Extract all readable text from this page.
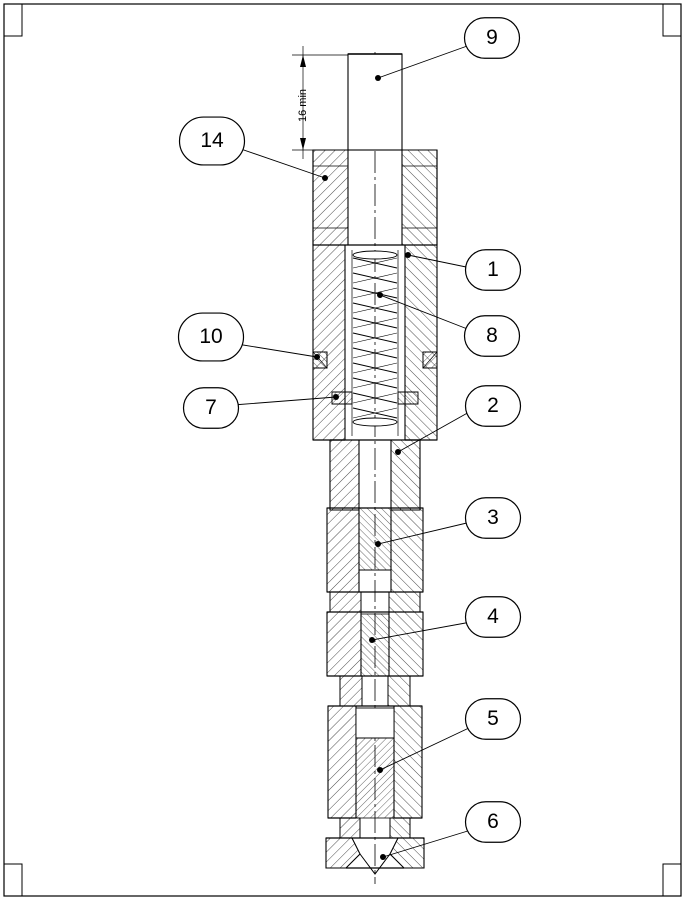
16 min
9
14
1
8
10
7	2
3
4
5
6
